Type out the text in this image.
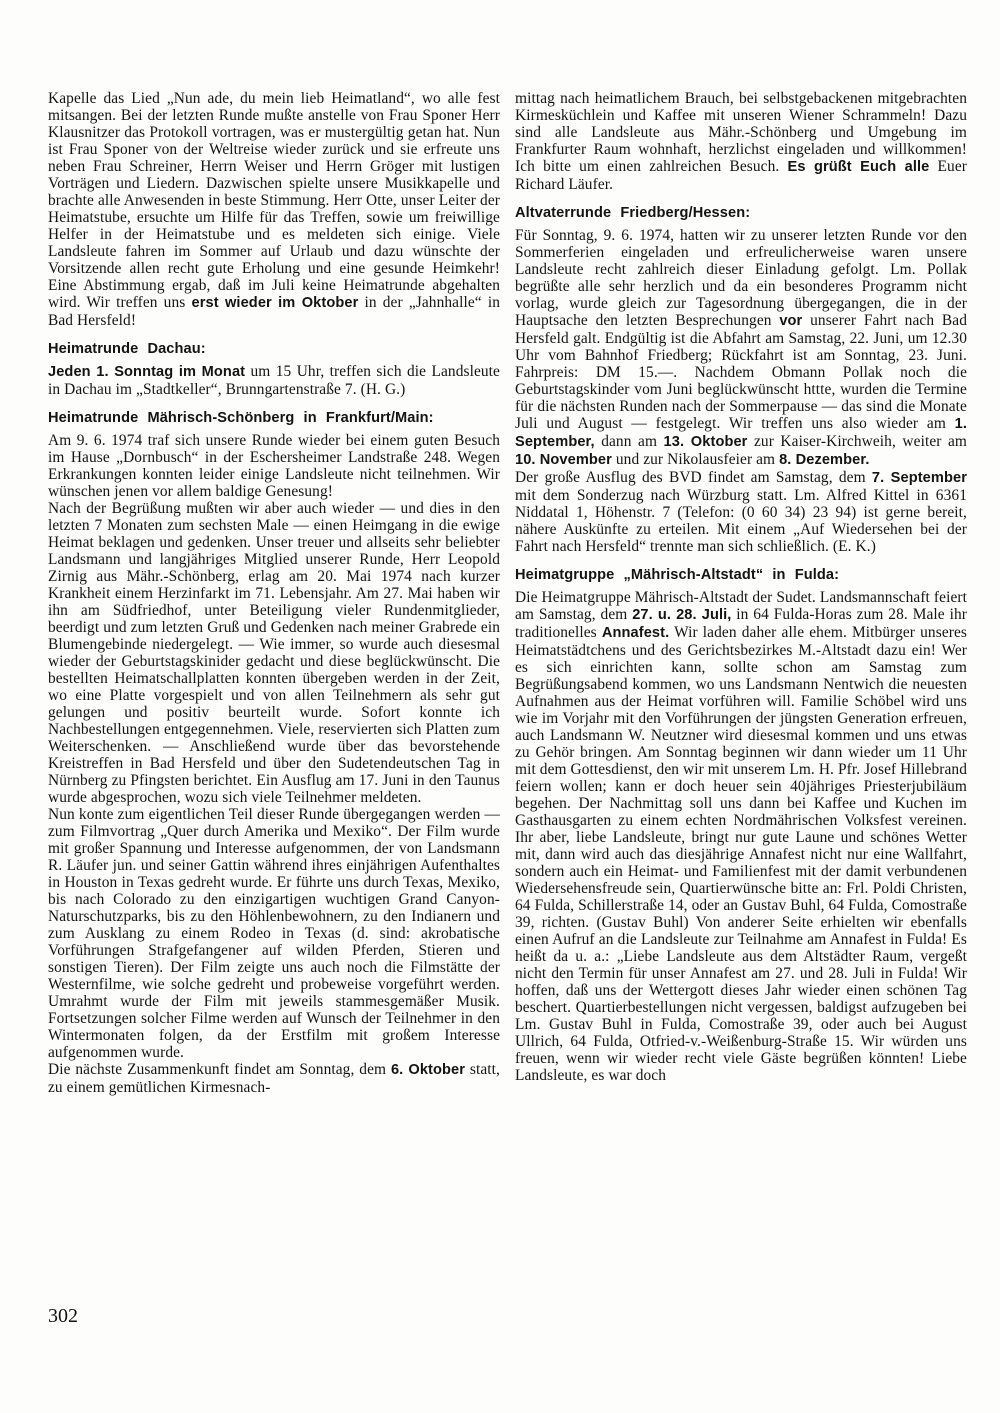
Kapelle das Lied „Nun ade, du mein lieb Heimatland“, wo alle fest mitsangen. Bei der letzten Runde mußte anstelle von Frau Sponer Herr Klausnitzer das Protokoll vortragen, was er mustergültig getan hat. Nun ist Frau Sponer von der Weltreise wieder zurück und sie erfreute uns neben Frau Schreiner, Herrn Weiser und Herrn Gröger mit lustigen Vorträgen und Liedern. Dazwischen spielte unsere Musikkapelle und brachte alle Anwesenden in beste Stimmung. Herr Otte, unser Leiter der Heimatstube, ersuchte um Hilfe für das Treffen, sowie um freiwillige Helfer in der Heimatstube und es meldeten sich einige. Viele Landsleute fahren im Sommer auf Urlaub und dazu wünschte der Vorsitzende allen recht gute Erholung und eine gesunde Heimkehr! Eine Abstimmung ergab, daß im Juli keine Heimatrunde abgehalten wird. Wir treffen uns erst wieder im Oktober in der „Jahnhalle“ in Bad Hersfeld!

Heimatrunde Dachau:

Jeden 1. Sonntag im Monat um 15 Uhr, treffen sich die Landsleute in Dachau im „Stadtkeller“, Brunngartenstraße 7. (H. G.)

Heimatrunde Mährisch-Schönberg in Frankfurt/Main:

Am 9. 6. 1974 traf sich unsere Runde wieder bei einem guten Besuch im Hause „Dornbusch“ in der Eschersheimer Landstraße 248. Wegen Erkrankungen konnten leider einige Landsleute nicht teilnehmen. Wir wünschen jenen vor allem baldige Genesung!

Nach der Begrüßung mußten wir aber auch wieder — und dies in den letzten 7 Monaten zum sechsten Male — einen Heimgang in die ewige Heimat beklagen und gedenken. Unser treuer und allseits sehr beliebter Landsmann und langjähriges Mitglied unserer Runde, Herr Leopold Zirnig aus Mähr.-Schönberg, erlag am 20. Mai 1974 nach kurzer Krankheit einem Herzinfarkt im 71. Lebensjahr. Am 27. Mai haben wir ihn am Südfriedhof, unter Beteiligung vieler Rundenmitglieder, beerdigt und zum letzten Gruß und Gedenken nach meiner Grabrede ein Blumengebinde niedergelegt. — Wie immer, so wurde auch diesesmal wieder der Geburtstagskinider gedacht und diese beglückwünscht. Die bestellten Heimatschallplatten konnten übergeben werden in der Zeit, wo eine Platte vorgespielt und von allen Teilnehmern als sehr gut gelungen und positiv beurteilt wurde. Sofort konnte ich Nachbestellungen entgegennehmen. Viele, reservierten sich Platten zum Weiterschenken. — Anschließend wurde über das bevorstehende Kreistreffen in Bad Hersfeld und über den Sudetendeutschen Tag in Nürnberg zu Pfingsten berichtet. Ein Ausflug am 17. Juni in den Taunus wurde abgesprochen, wozu sich viele Teilnehmer meldeten.

Nun konte zum eigentlichen Teil dieser Runde übergegangen werden — zum Filmvortrag „Quer durch Amerika und Mexiko“. Der Film wurde mit großer Spannung und Interesse aufgenommen, der von Landsmann R. Läufer jun. und seiner Gattin während ihres einjährigen Aufenthaltes in Houston in Texas gedreht wurde. Er führte uns durch Texas, Mexiko, bis nach Colorado zu den einzigartigen wuchtigen Grand Canyon-Naturschutzparks, bis zu den Höhlenbewohnern, zu den Indianern und zum Ausklang zu einem Rodeo in Texas (d. sind: akrobatische Vorführungen Strafgefangener auf wilden Pferden, Stieren und sonstigen Tieren). Der Film zeigte uns auch noch die Filmstätte der Westernfilme, wie solche gedreht und probeweise vorgeführt werden. Umrahmt wurde der Film mit jeweils stammesgemäßer Musik. Fortsetzungen solcher Filme werden auf Wunsch der Teilnehmer in den Wintermonaten folgen, da der Erstfilm mit großem Interesse aufgenommen wurde.

Die nächste Zusammenkunft findet am Sonntag, dem 6. Oktober statt, zu einem gemütlichen Kirmesnach-

mittag nach heimatlichem Brauch, bei selbstgebackenen mitgebrachten Kirmesküchlein und Kaffee mit unseren Wiener Schrammeln! Dazu sind alle Landsleute aus Mähr.-Schönberg und Umgebung im Frankfurter Raum wohnhaft, herzlichst eingeladen und willkommen! Ich bitte um einen zahlreichen Besuch. Es grüßt Euch alle Euer Richard Läufer.

Altvaterrunde Friedberg/Hessen:

Für Sonntag, 9. 6. 1974, hatten wir zu unserer letzten Runde vor den Sommerferien eingeladen und erfreulicherweise waren unsere Landsleute recht zahlreich dieser Einladung gefolgt. Lm. Pollak begrüßte alle sehr herzlich und da ein besonderes Programm nicht vorlag, wurde gleich zur Tagesordnung übergegangen, die in der Hauptsache den letzten Besprechungen vor unserer Fahrt nach Bad Hersfeld galt. Endgültig ist die Abfahrt am Samstag, 22. Juni, um 12.30 Uhr vom Bahnhof Friedberg; Rückfahrt ist am Sonntag, 23. Juni. Fahrpreis: DM 15.—. Nachdem Obmann Pollak noch die Geburtstagskinder vom Juni beglückwünscht httte, wurden die Termine für die nächsten Runden nach der Sommerpause — das sind die Monate Juli und August — festgelegt. Wir treffen uns also wieder am 1. September, dann am 13. Oktober zur Kaiser-Kirchweih, weiter am 10. November und zur Nikolausfeier am 8. Dezember.

Der große Ausflug des BVD findet am Samstag, dem 7. September mit dem Sonderzug nach Würzburg statt. Lm. Alfred Kittel in 6361 Niddatal 1, Höhenstr. 7 (Telefon: (0 60 34) 23 94) ist gerne bereit, nähere Auskünfte zu erteilen. Mit einem „Auf Wiedersehen bei der Fahrt nach Hersfeld“ trennte man sich schließlich. (E. K.)

Heimatgruppe „Mährisch-Altstadt“ in Fulda:

Die Heimatgruppe Mährisch-Altstadt der Sudet. Landsmannschaft feiert am Samstag, dem 27. u. 28. Juli, in 64 Fulda-Horas zum 28. Male ihr traditionelles Annafest. Wir laden daher alle ehem. Mitbürger unseres Heimatstädtchens und des Gerichtsbezirkes M.-Altstadt dazu ein! Wer es sich einrichten kann, sollte schon am Samstag zum Begrüßungsabend kommen, wo uns Landsmann Nentwich die neuesten Aufnahmen aus der Heimat vorführen will. Familie Schöbel wird uns wie im Vorjahr mit den Vorführungen der jüngsten Generation erfreuen, auch Landsmann W. Neutzner wird diesesmal kommen und uns etwas zu Gehör bringen. Am Sonntag beginnen wir dann wieder um 11 Uhr mit dem Gottesdienst, den wir mit unserem Lm. H. Pfr. Josef Hillebrand feiern wollen; kann er doch heuer sein 40jähriges Priesterjubiläum begehen. Der Nachmittag soll uns dann bei Kaffee und Kuchen im Gasthausgarten zu einem echten Nordmährischen Volksfest vereinen. Ihr aber, liebe Landsleute, bringt nur gute Laune und schönes Wetter mit, dann wird auch das diesjährige Annafest nicht nur eine Wallfahrt, sondern auch ein Heimat- und Familienfest mit der damit verbundenen Wiedersehensfreude sein, Quartierwünsche bitte an: Frl. Poldi Christen, 64 Fulda, Schillerstraße 14, oder an Gustav Buhl, 64 Fulda, Comostraße 39, richten. (Gustav Buhl) Von anderer Seite erhielten wir ebenfalls einen Aufruf an die Landsleute zur Teilnahme am Annafest in Fulda! Es heißt da u. a.: „Liebe Landsleute aus dem Altstädter Raum, vergeßt nicht den Termin für unser Annafest am 27. und 28. Juli in Fulda! Wir hoffen, daß uns der Wettergott dieses Jahr wieder einen schönen Tag beschert. Quartierbestellungen nicht vergessen, baldigst aufzugeben bei Lm. Gustav Buhl in Fulda, Comostraße 39, oder auch bei August Ullrich, 64 Fulda, Otfried-v.-Weißenburg-Straße 15. Wir würden uns freuen, wenn wir wieder recht viele Gäste begrüßen könnten! Liebe Landsleute, es war doch

302
